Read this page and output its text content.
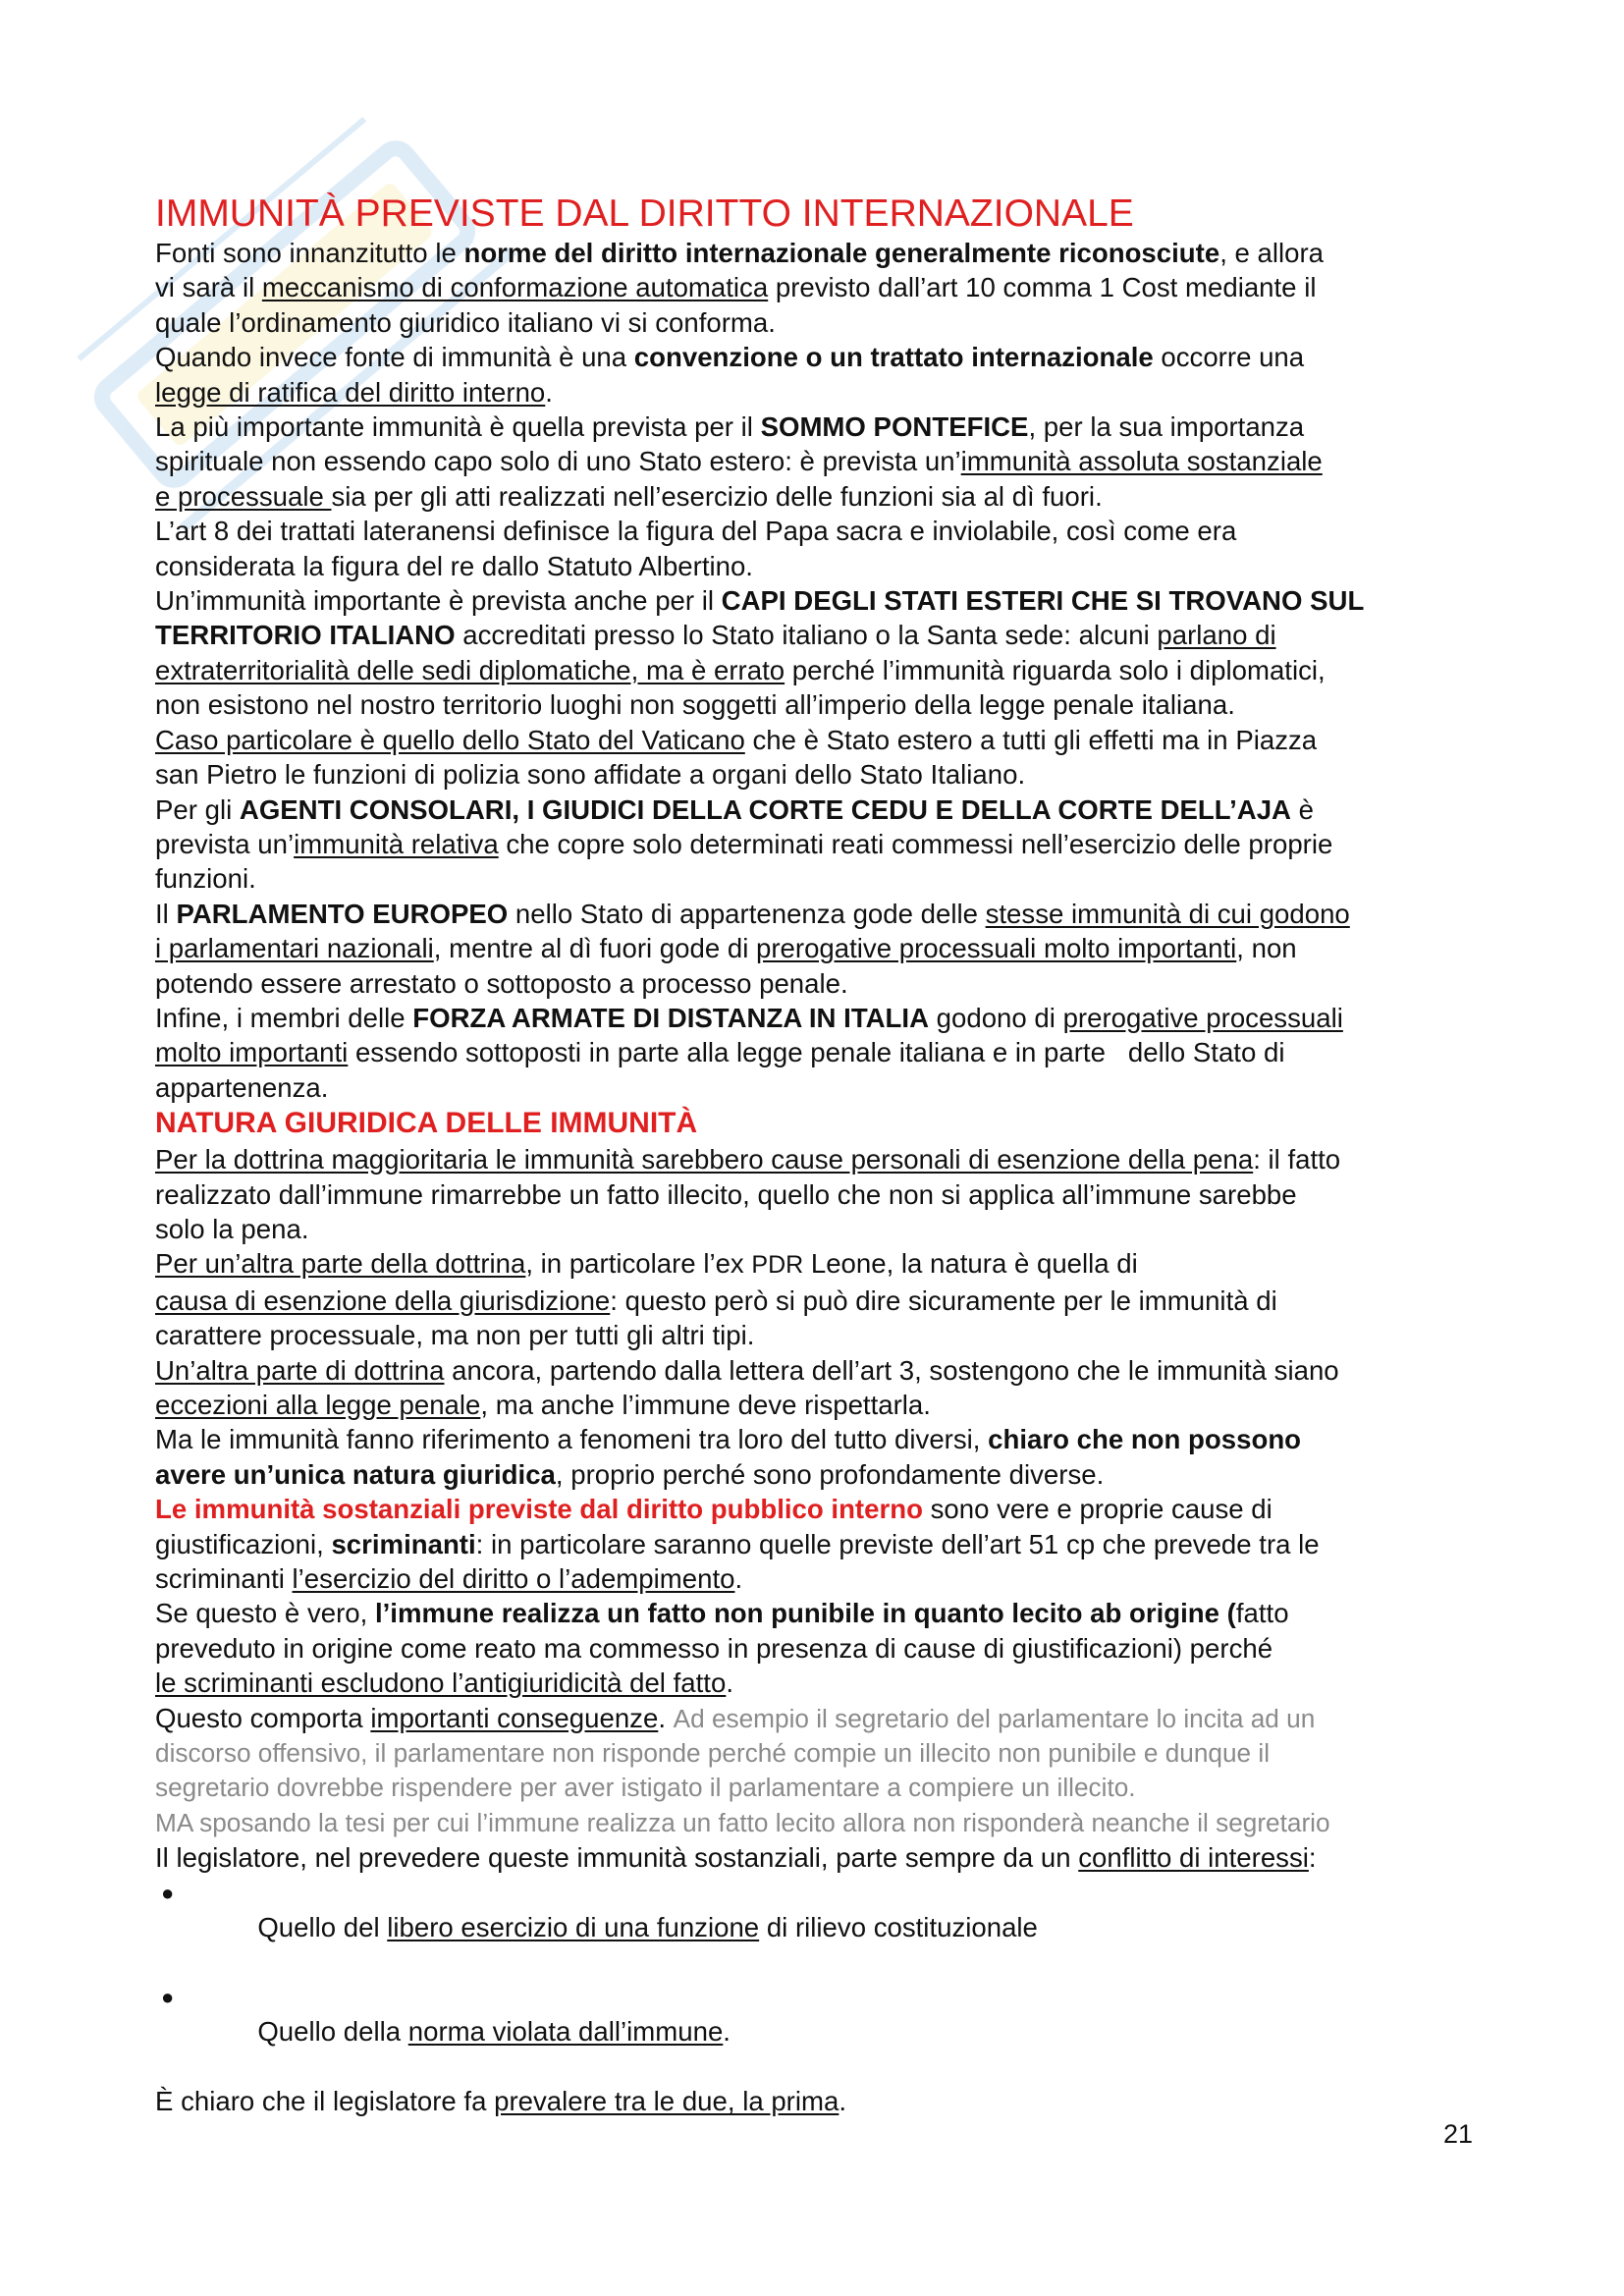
IMMUNITÀ PREVISTE DAL DIRITTO INTERNAZIONALE
Fonti sono innanzitutto le norme del diritto internazionale generalmente riconosciute, e allora
vi sarà il meccanismo di conformazione automatica previsto dall’art 10 comma 1 Cost mediante il
quale l’ordinamento giuridico italiano vi si conforma.
Quando invece fonte di immunità è una convenzione o un trattato internazionale occorre una
legge di ratifica del diritto interno.
La più importante immunità è quella prevista per il SOMMO PONTEFICE, per la sua importanza
spirituale non essendo capo solo di uno Stato estero: è prevista un’immunità assoluta sostanziale
e processuale sia per gli atti realizzati nell’esercizio delle funzioni sia al dì fuori.
L’art 8 dei trattati lateranensi definisce la figura del Papa sacra e inviolabile, così come era
considerata la figura del re dallo Statuto Albertino.
Un’immunità importante è prevista anche per il CAPI DEGLI STATI ESTERI CHE SI TROVANO SUL
TERRITORIO ITALIANO accreditati presso lo Stato italiano o la Santa sede: alcuni parlano di
extraterritorialità delle sedi diplomatiche, ma è errato perché l’immunità riguarda solo i diplomatici,
non esistono nel nostro territorio luoghi non soggetti all’imperio della legge penale italiana.
Caso particolare è quello dello Stato del Vaticano che è Stato estero a tutti gli effetti ma in Piazza
san Pietro le funzioni di polizia sono affidate a organi dello Stato Italiano.
Per gli AGENTI CONSOLARI, I GIUDICI DELLA CORTE CEDU E DELLA CORTE DELL’AJA è
prevista un’immunità relativa che copre solo determinati reati commessi nell’esercizio delle proprie
funzioni.
Il PARLAMENTO EUROPEO nello Stato di appartenenza gode delle stesse immunità di cui godono
i parlamentari nazionali, mentre al dì fuori gode di prerogative processuali molto importanti, non
potendo essere arrestato o sottoposto a processo penale.
Infine, i membri delle FORZA ARMATE DI DISTANZA IN ITALIA godono di prerogative processuali
molto importanti essendo sottoposti in parte alla legge penale italiana e in parte   dello Stato di
appartenenza.
NATURA GIURIDICA DELLE IMMUNITÀ
Per la dottrina maggioritaria le immunità sarebbero cause personali di esenzione della pena: il fatto
realizzato dall’immune rimarrebbe un fatto illecito, quello che non si applica all’immune sarebbe
solo la pena.
Per un’altra parte della dottrina, in particolare l’ex PDR Leone, la natura è quella di
causa di esenzione della giurisdizione: questo però si può dire sicuramente per le immunità di
carattere processuale, ma non per tutti gli altri tipi.
Un’altra parte di dottrina ancora, partendo dalla lettera dell’art 3, sostengono che le immunità siano
eccezioni alla legge penale, ma anche l’immune deve rispettarla.
Ma le immunità fanno riferimento a fenomeni tra loro del tutto diversi, chiaro che non possono
avere un’unica natura giuridica, proprio perché sono profondamente diverse.
Le immunità sostanziali previste dal diritto pubblico interno sono vere e proprie cause di
giustificazioni, scriminanti: in particolare saranno quelle previste dell’art 51 cp che prevede tra le
scriminanti l’esercizio del diritto o l’adempimento.
Se questo è vero, l’immune realizza un fatto non punibile in quanto lecito ab origine (fatto
preveduto in origine come reato ma commesso in presenza di cause di giustificazioni) perché
le scriminanti escludono l’antigiuridicità del fatto.
Questo comporta importanti conseguenze. Ad esempio il segretario del parlamentare lo incita ad un
discorso offensivo, il parlamentare non risponde perché compie un illecito non punibile e dunque il
segretario dovrebbe rispendere per aver istigato il parlamentare a compiere un illecito.
MA sposando la tesi per cui l’immune realizza un fatto lecito allora non risponderà neanche il segretario
Il legislatore, nel prevedere queste immunità sostanziali, parte sempre da un conflitto di interessi:

●
Quello del libero esercizio di una funzione di rilievo costituzionale

●
Quello della norma violata dall’immune.

È chiaro che il legislatore fa prevalere tra le due, la prima.
21
